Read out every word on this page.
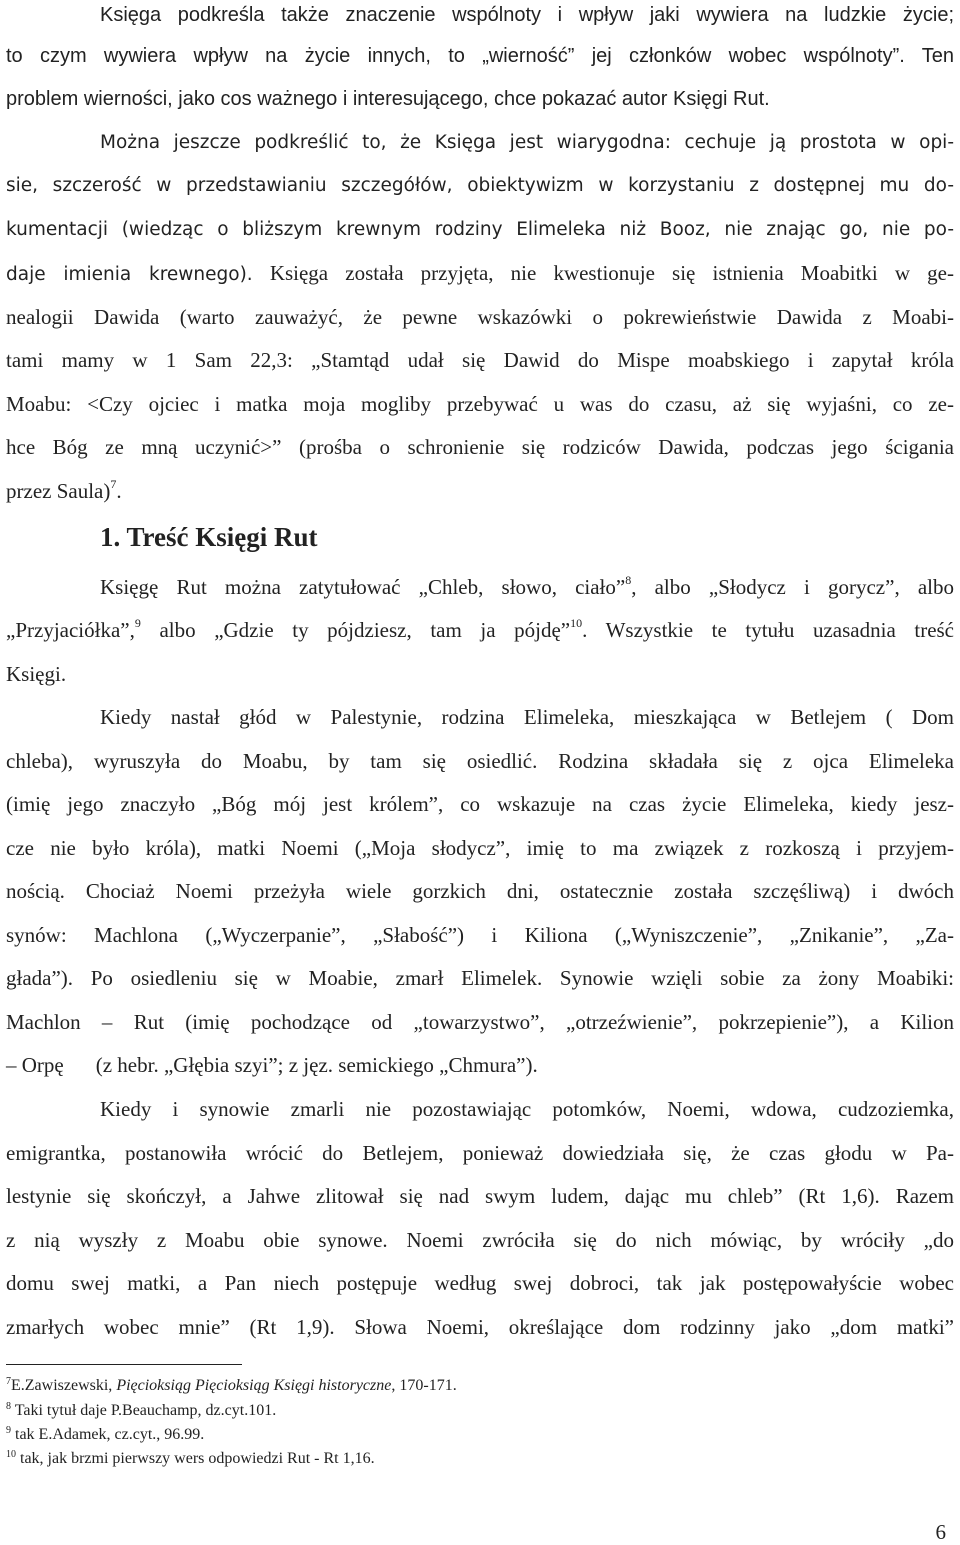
Księga podkreśla także znaczenie wspólnoty i wpływ jaki wywiera na ludzkie życie;
to czym wywiera wpływ na życie innych, to „wierność” jej członków wobec wspólnoty”. Ten
problem wierności, jako cos ważnego i interesującego, chce pokazać autor Księgi Rut.
Można jeszcze podkreślić to, że Księga jest wiarygodna: cechuje ją prostota w opi-
sie, szczerość w przedstawianiu szczegółów, obiektywizm w korzystaniu z dostępnej mu do-
kumentacji (wiedząc o bliższym krewnym rodziny Elimeleka niż Booz, nie znając go, nie po-
daje imienia krewnego). Księga została przyjęta, nie kwestionuje się istnienia Moabitki w ge-
nealogii Dawida (warto zauważyć, że pewne wskazówki o pokrewieństwie Dawida z Moabi-
tami mamy w 1 Sam 22,3: „Stamtąd udał się Dawid do Mispe moabskiego i zapytał króla
Moabu: <Czy ojciec i matka moja mogliby przebywać u was do czasu, aż się wyjaśni, co ze-
hce Bóg ze mną uczynić>” (prośba o schronienie się rodziców Dawida, podczas jego ścigania
przez Saula)$^7$.
1. Treść Księgi Rut
Księgę Rut można zatytułować „Chleb, słowo, ciało”$^8$, albo „Słodycz i gorycz”, albo
„Przyjaciółka”,$^9$ albo „Gdzie ty pójdziesz, tam ja pójdę”$^{10}$. Wszystkie te tytułu uzasadnia treść
Księgi.
Kiedy nastał głód w Palestynie, rodzina Elimeleka, mieszkająca w Betlejem ( Dom
chleba), wyruszyła do Moabu, by tam się osiedlić. Rodzina składała się z ojca Elimeleka
(imię jego znaczyło „Bóg mój jest królem”, co wskazuje na czas życie Elimeleka, kiedy jesz-
cze nie było króla), matki Noemi („Moja słodycz”, imię to ma związek z rozkoszą i przyjem-
nością. Chociaż Noemi przeżyła wiele gorzkich dni, ostatecznie została szczęśliwą) i dwóch
synów: Machlona („Wyczerpanie”, „Słabość”) i Kiliona („Wyniszczenie”, „Znikanie”, „Za-
głada”). Po osiedleniu się w Moabie, zmarł Elimelek. Synowie wzięli sobie za żony Moabiki:
Machlon – Rut (imię pochodzące od „towarzystwo”, „otrzeźwienie”, pokrzepienie”), a Kilion
– Orpę (z hebr. „Głębia szyi”; z jęz. semickiego „Chmura”).
Kiedy i synowie zmarli nie pozostawiając potomków, Noemi, wdowa, cudzoziemka,
emigrantka, postanowiła wrócić do Betlejem, ponieważ dowiedziała się, że czas głodu w Pa-
lestynie się skończył, a Jahwe zlitował się nad swym ludem, dając mu chleb” (Rt 1,6). Razem
z nią wyszły z Moabu obie synowe. Noemi zwróciła się do nich mówiąc, by wróciły „do
domu swej matki, a Pan niech postępuje według swej dobroci, tak jak postępowałyście wobec
zmarłych wobec mnie” (Rt 1,9). Słowa Noemi, określające dom rodzinny jako „dom matki”
$^7$E.Zawiszewski, Pięcioksiąg Pięcioksiąg Księgi historyczne, 170-171.
$^8$ Taki tytuł daje P.Beauchamp, dz.cyt.101.
$^9$ tak E.Adamek, cz.cyt., 96.99.
$^{10}$ tak, jak brzmi pierwszy wers odpowiedzi Rut - Rt 1,16.
6
